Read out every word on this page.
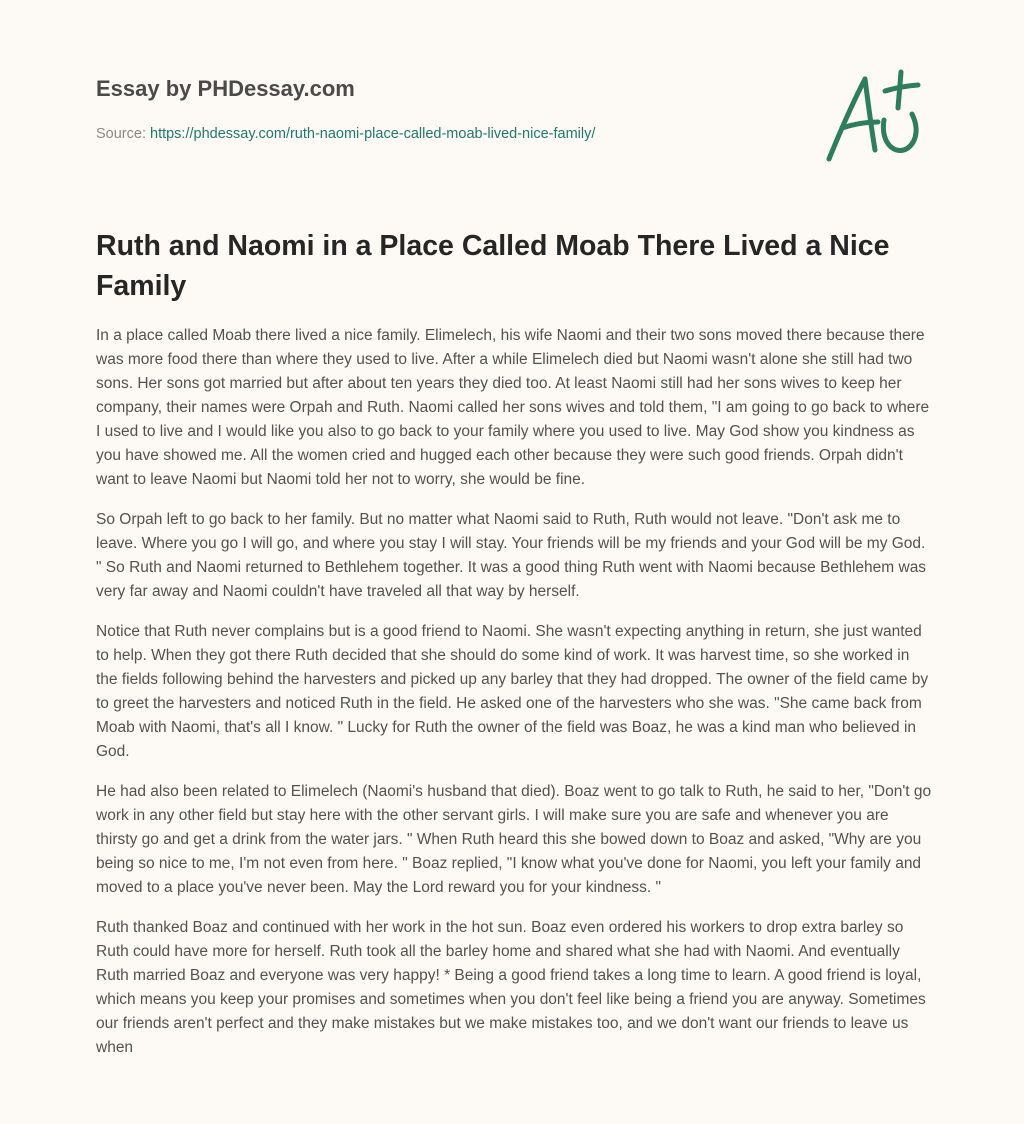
Essay by PHDessay.com

Source: https://phdessay.com/ruth-naomi-place-called-moab-lived-nice-family/

Ruth and Naomi in a Place Called Moab There Lived a Nice Family

In a place called Moab there lived a nice family. Elimelech, his wife Naomi and their two sons moved there because there was more food there than where they used to live. After a while Elimelech died but Naomi wasn't alone she still had two sons. Her sons got married but after about ten years they died too. At least Naomi still had her sons wives to keep her company, their names were Orpah and Ruth. Naomi called her sons wives and told them, "I am going to go back to where I used to live and I would like you also to go back to your family where you used to live. May God show you kindness as you have showed me. All the women cried and hugged each other because they were such good friends. Orpah didn't want to leave Naomi but Naomi told her not to worry, she would be fine.

So Orpah left to go back to her family. But no matter what Naomi said to Ruth, Ruth would not leave. "Don't ask me to leave. Where you go I will go, and where you stay I will stay. Your friends will be my friends and your God will be my God. " So Ruth and Naomi returned to Bethlehem together. It was a good thing Ruth went with Naomi because Bethlehem was very far away and Naomi couldn't have traveled all that way by herself.

Notice that Ruth never complains but is a good friend to Naomi. She wasn't expecting anything in return, she just wanted to help. When they got there Ruth decided that she should do some kind of work. It was harvest time, so she worked in the fields following behind the harvesters and picked up any barley that they had dropped. The owner of the field came by to greet the harvesters and noticed Ruth in the field. He asked one of the harvesters who she was. "She came back from Moab with Naomi, that's all I know. " Lucky for Ruth the owner of the field was Boaz, he was a kind man who believed in God.

He had also been related to Elimelech (Naomi's husband that died). Boaz went to go talk to Ruth, he said to her, "Don't go work in any other field but stay here with the other servant girls. I will make sure you are safe and whenever you are thirsty go and get a drink from the water jars. " When Ruth heard this she bowed down to Boaz and asked, "Why are you being so nice to me, I'm not even from here. " Boaz replied, "I know what you've done for Naomi, you left your family and moved to a place you've never been. May the Lord reward you for your kindness. "

Ruth thanked Boaz and continued with her work in the hot sun. Boaz even ordered his workers to drop extra barley so Ruth could have more for herself. Ruth took all the barley home and shared what she had with Naomi. And eventually Ruth married Boaz and everyone was very happy! * Being a good friend takes a long time to learn. A good friend is loyal, which means you keep your promises and sometimes when you don't feel like being a friend you are anyway. Sometimes our friends aren't perfect and they make mistakes but we make mistakes too, and we don't want our friends to leave us when
